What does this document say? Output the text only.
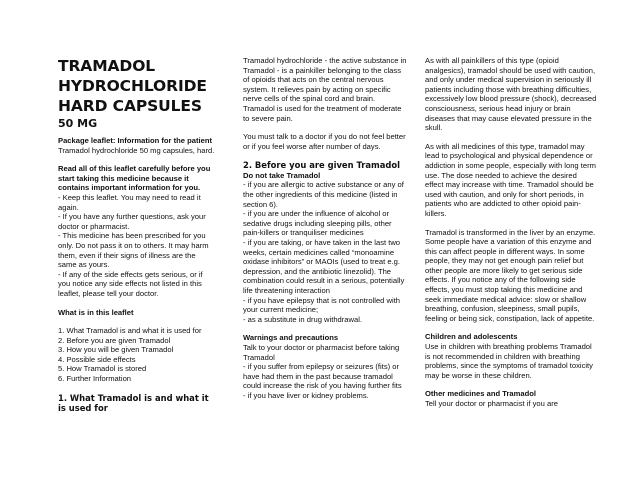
TRAMADOL
HYDROCHLORIDE
HARD CAPSULES
50 MG
Package leaflet: Information for the patient
Tramadol hydrochloride 50 mg capsules, hard.
Read all of this leaflet carefully before you start taking this medicine because it contains important information for you.
- Keep this leaflet. You may need to read it again.
- If you have any further questions, ask your doctor or pharmacist.
- This medicine has been prescribed for you only. Do not pass it on to others. It may harm them, even if their signs of illness are the same as yours.
- If any of the side effects gets serious, or if you notice any side effects not listed in this leaflet, please tell your doctor.
What is in this leaflet
1. What Tramadol is and what it is used for
2. Before you are given Tramadol
3. How you will be given Tramadol
4. Possible side effects
5. How Tramadol is stored
6. Further Information
1. What Tramadol is and what it is used for
Tramadol hydrochloride - the active substance in Tramadol - is a painkiller belonging to the class of opioids that acts on the central nervous system. It relieves pain by acting on specific nerve cells of the spinal cord and brain.
Tramadol is used for the treatment of moderate to severe pain.
You must talk to a doctor if you do not feel better or if you feel worse after number of days.
2. Before you are given Tramadol
Do not take Tramadol
- if you are allergic to active substance or any of the other ingredients of this medicine (listed in section 6).
- if you are under the influence of alcohol or sedative drugs including sleeping pills, other pain-killers or tranquiliser medicines
- if you are taking, or have taken in the last two weeks, certain medicines called “monoamine oxidase inhibitors” or MAOIs (used to treat e.g. depression, and the antibiotic linezolid). The combination could result in a serious, potentially life threatening interaction
- if you have epilepsy that is not controlled with your current medicine;
- as a substitute in drug withdrawal.
Warnings and precautions
Talk to your doctor or pharmacist before taking Tramadol
- if you suffer from epilepsy or seizures (fits) or have had them in the past because tramadol could increase the risk of you having further fits
- if you have liver or kidney problems.
As with all painkillers of this type (opioid analgesics), tramadol should be used with caution, and only under medical supervision in seriously ill patients including those with breathing difficulties, excessively low blood pressure (shock), decreased consciousness, serious head injury or brain diseases that may cause elevated pressure in the skull.
As with all medicines of this type, tramadol may lead to psychological and physical dependence or addiction in some people, especially with long term use. The dose needed to achieve the desired effect may increase with time. Tramadol should be used with caution, and only for short periods, in patients who are addicted to other opioid pain-killers.
Tramadol is transformed in the liver by an enzyme. Some people have a variation of this enzyme and this can affect people in different ways. In some people, they may not get enough pain relief but other people are more likely to get serious side effects. If you notice any of the following side effects, you must stop taking this medicine and seek immediate medical advice: slow or shallow breathing, confusion, sleepiness, small pupils, feeling or being sick, constipation, lack of appetite.
Children and adolescents
Use in children with breathing problems Tramadol is not recommended in children with breathing problems, since the symptoms of tramadol toxicity may be worse in these children.
Other medicines and Tramadol
Tell your doctor or pharmacist if you are
